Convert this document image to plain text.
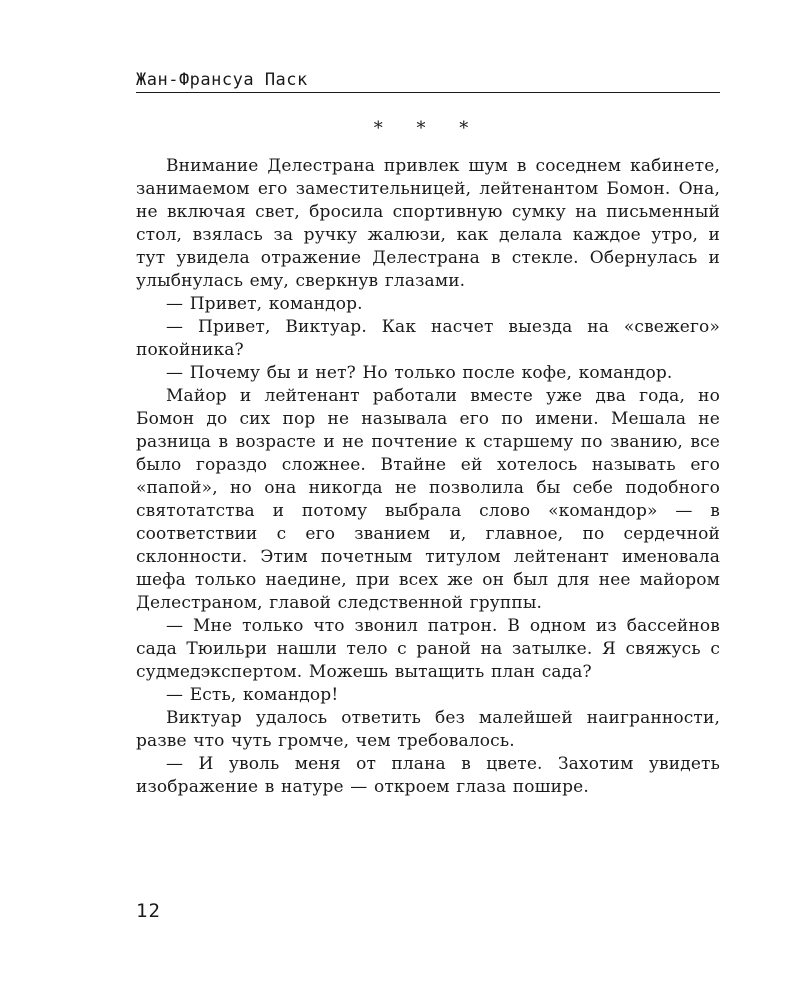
Жан-Франсуа Паск
* * *

Внимание Делестрана привлек шум в соседнем кабинете, занимаемом его заместительницей, лейтенантом Бомон. Она, не включая свет, бросила спортивную сумку на письменный стол, взялась за ручку жалюзи, как делала каждое утро, и тут увидела отражение Делестрана в стекле. Обернулась и улыбнулась ему, сверкнув глазами.

— Привет, командор.

— Привет, Виктуар. Как насчет выезда на «свежего» покойника?

— Почему бы и нет? Но только после кофе, командор.

Майор и лейтенант работали вместе уже два года, но Бомон до сих пор не называла его по имени. Мешала не разница в возрасте и не почтение к старшему по званию, все было гораздо сложнее. Втайне ей хотелось называть его «папой», но она никогда не позволила бы себе подобного святотатства и потому выбрала слово «командор» — в соответствии с его званием и, главное, по сердечной склонности. Этим почетным титулом лейтенант именовала шефа только наедине, при всех же он был для нее майором Делестраном, главой следственной группы.

— Мне только что звонил патрон. В одном из бассейнов сада Тюильри нашли тело с раной на затылке. Я свяжусь с судмедэкспертом. Можешь вытащить план сада?

— Есть, командор!

Виктуар удалось ответить без малейшей наигранности, разве что чуть громче, чем требовалось.

— И уволь меня от плана в цвете. Захотим увидеть изображение в натуре — откроем глаза пошире.

12
